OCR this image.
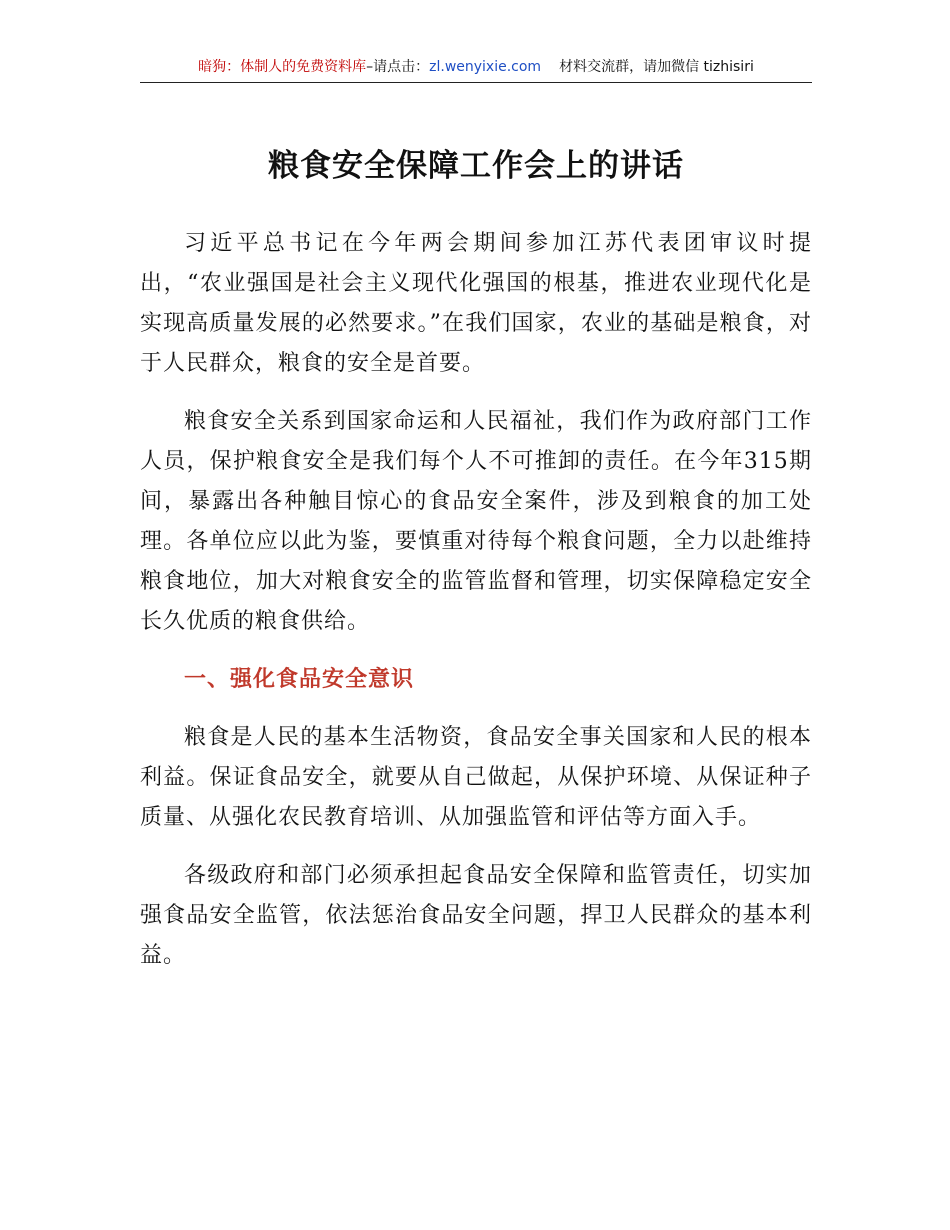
暗狗：体制人的免费资料库–请点击：zl.wenyixie.com 材料交流群，请加微信 tizhisiri
粮食安全保障工作会上的讲话

习近平总书记在今年两会期间参加江苏代表团审议时提出，“农业强国是社会主义现代化强国的根基，推进农业现代化是实现高质量发展的必然要求。”在我们国家，农业的基础是粮食，对于人民群众，粮食的安全是首要。

粮食安全关系到国家命运和人民福祉，我们作为政府部门工作人员，保护粮食安全是我们每个人不可推卸的责任。在今年315期间，暴露出各种触目惊心的食品安全案件，涉及到粮食的加工处理。各单位应以此为鉴，要慎重对待每个粮食问题，全力以赴维持粮食地位，加大对粮食安全的监管监督和管理，切实保障稳定安全长久优质的粮食供给。

一、强化食品安全意识

粮食是人民的基本生活物资，食品安全事关国家和人民的根本利益。保证食品安全，就要从自己做起，从保护环境、从保证种子质量、从强化农民教育培训、从加强监管和评估等方面入手。

各级政府和部门必须承担起食品安全保障和监管责任，切实加强食品安全监管，依法惩治食品安全问题，捍卫人民群众的基本利益。
